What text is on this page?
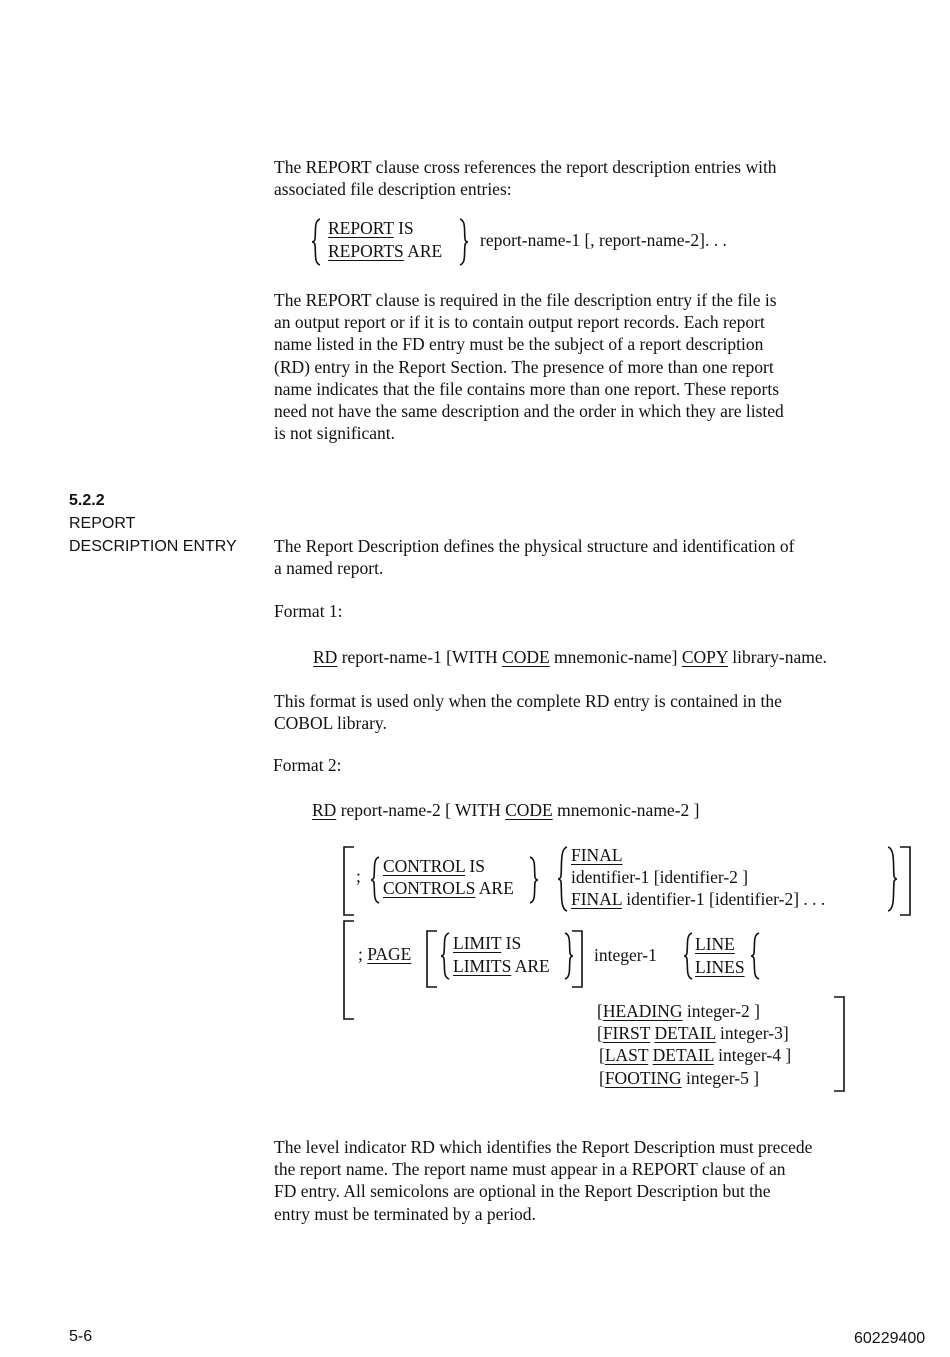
The REPORT clause cross references the report description entries with
associated file description entries:
REPORT IS
REPORTS ARE
report-name-1 [, report-name-2]. . .
The REPORT clause is required in the file description entry if the file is
an output report or if it is to contain output report records. Each report
name listed in the FD entry must be the subject of a report description
(RD) entry in the Report Section. The presence of more than one report
name indicates that the file contains more than one report. These reports
need not have the same description and the order in which they are listed
is not significant.
5.2.2
REPORT
DESCRIPTION ENTRY The Report Description defines the physical structure and identification of
a named report.
Format 1:
RD report-name-1 [WITH CODE mnemonic-name] COPY library-name.
This format is used only when the complete RD entry is contained in the
COBOL library.
Format 2:
RD report-name-2 [ WITH CODE mnemonic-name-2 ]
; CONTROL IS
CONTROLS ARE
FINAL
identifier-1 [identifier-2 ]
FINAL identifier-1 [identifier-2] . . .
; PAGE
LIMIT IS
LIMITS ARE
integer-1
LINE
LINES
[HEADING integer-2 ]
[FIRST DETAIL integer-3]
[LAST DETAIL integer-4 ]
[FOOTING integer-5 ]
The level indicator RD which identifies the Report Description must precede
the report name. The report name must appear in a REPORT clause of an
FD entry. All semicolons are optional in the Report Description but the
entry must be terminated by a period.
5-6	60229400
